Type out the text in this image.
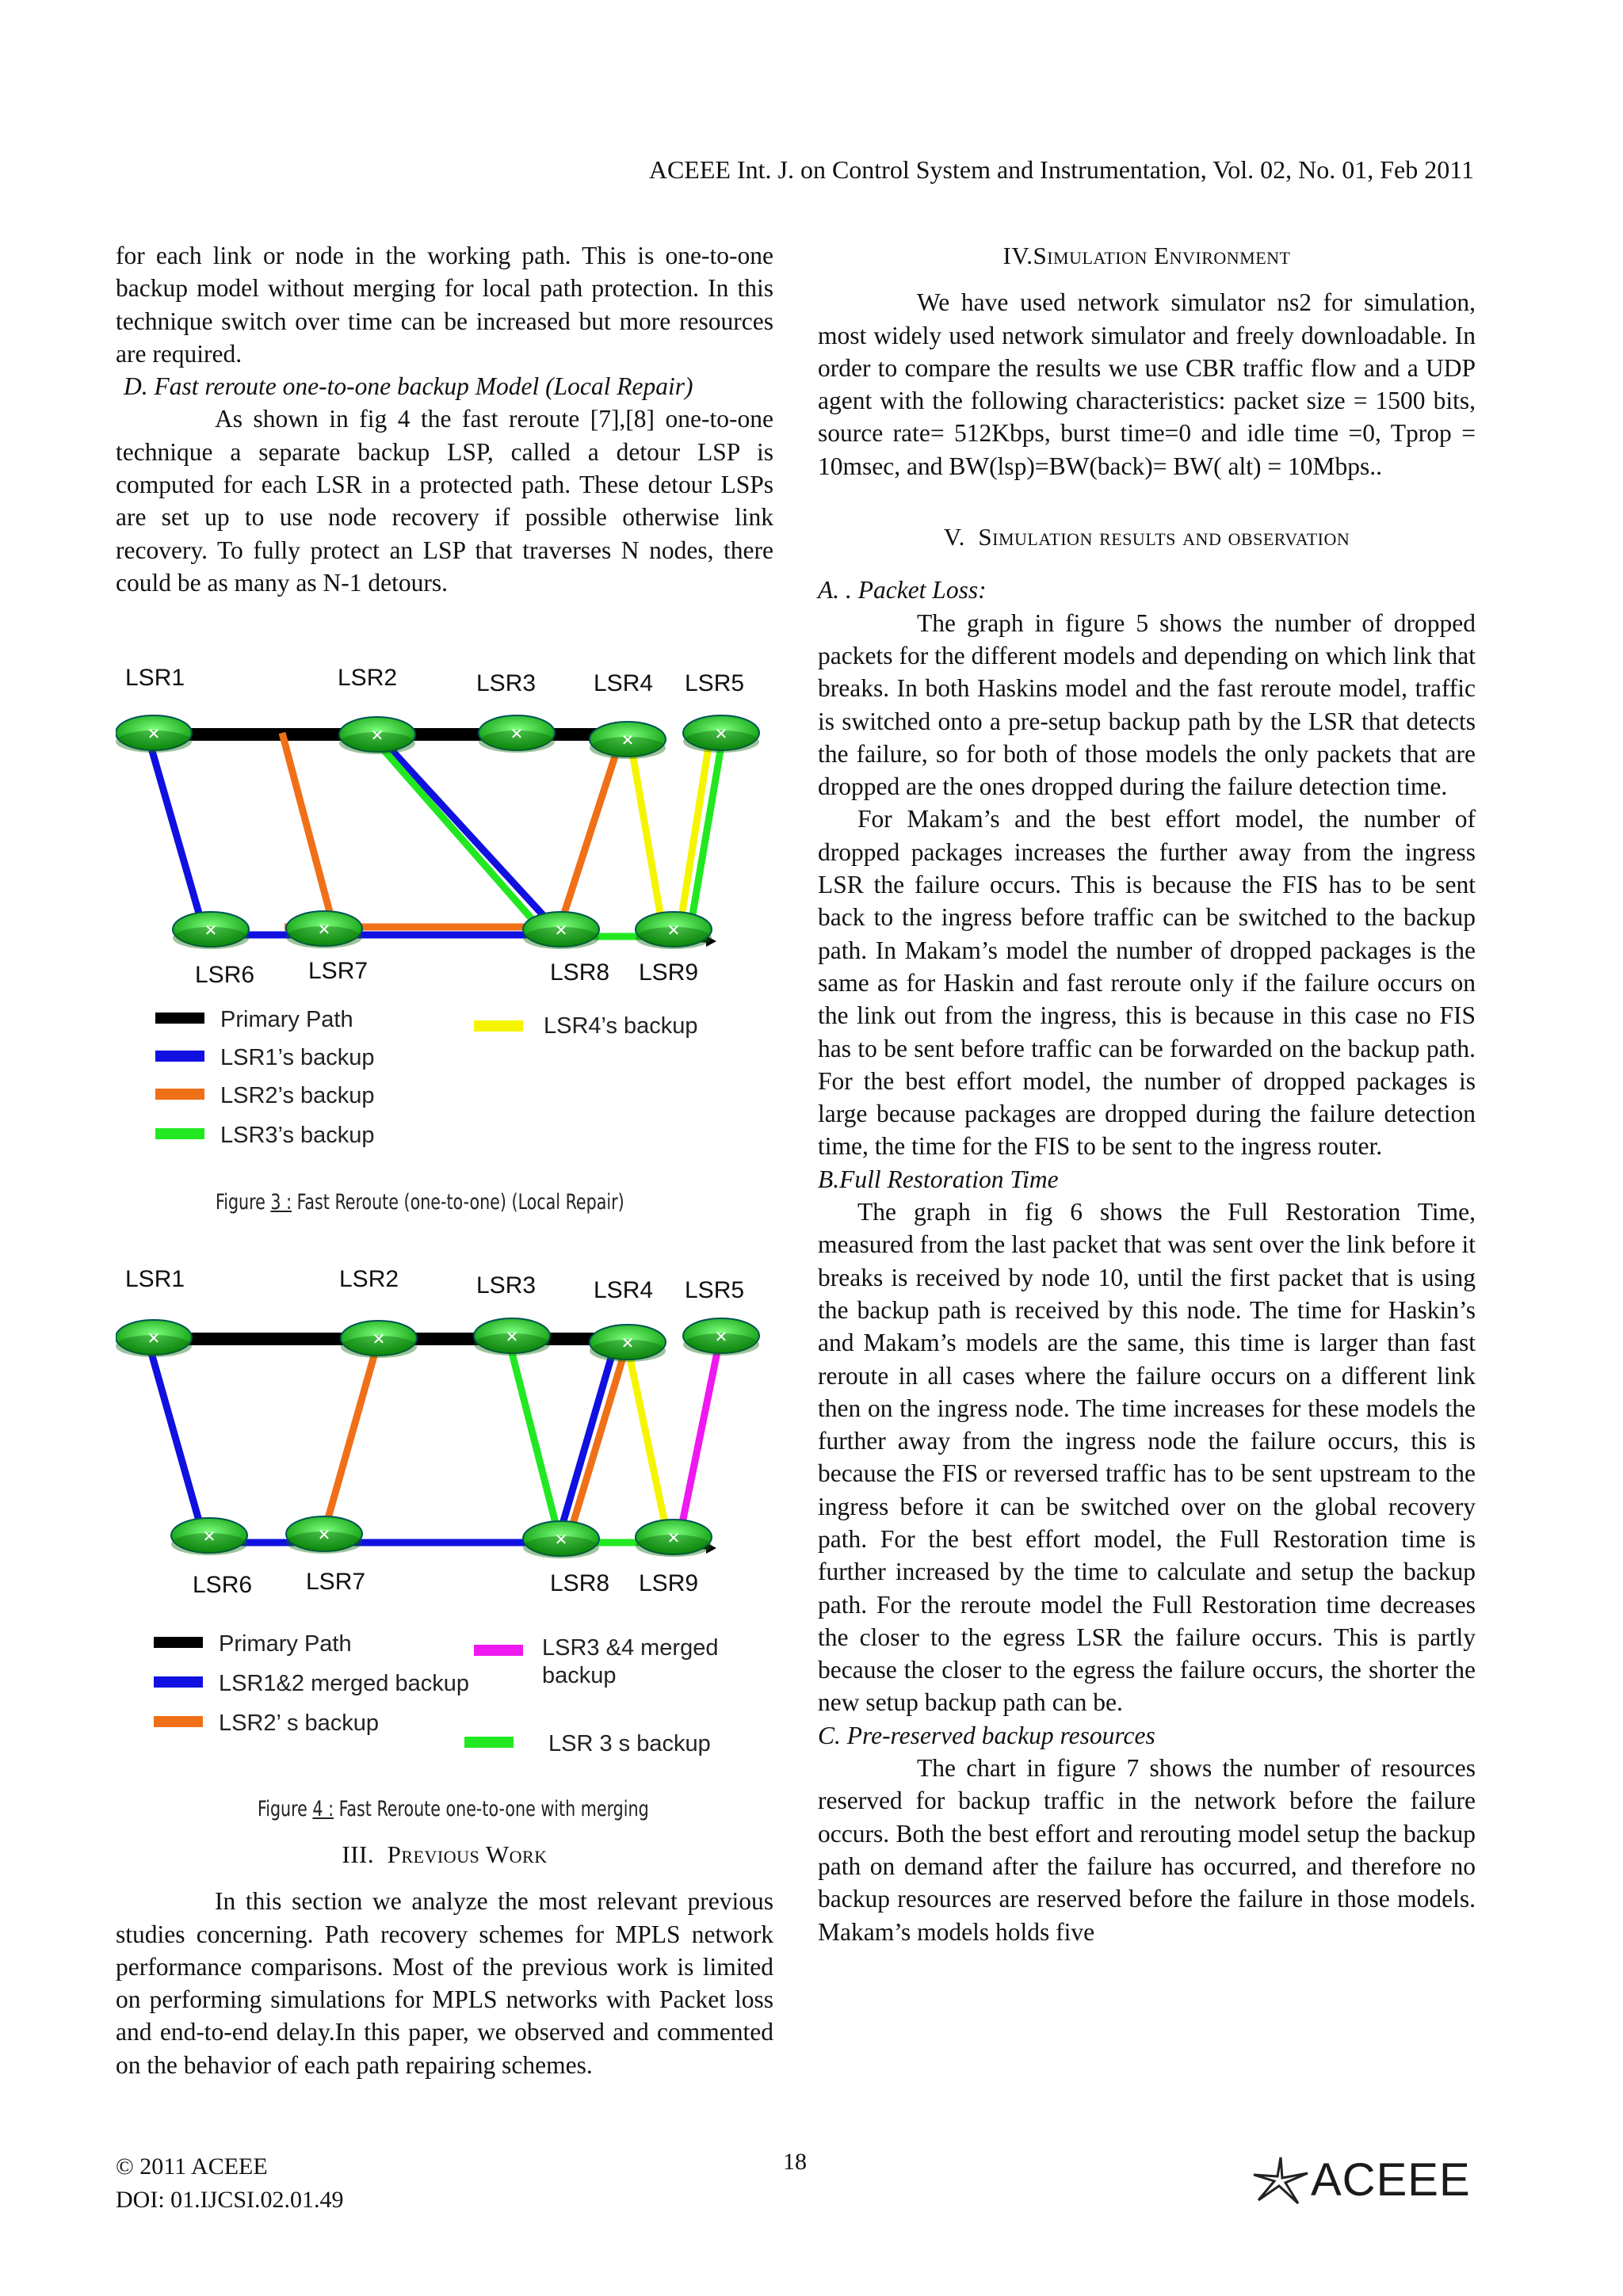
ACEEE Int. J. on Control System and Instrumentation, Vol. 02, No. 01, Feb 2011

for each link or node in the working path. This is one-to-one backup model without merging for local path protection. In this technique switch over time can be increased but more resources are required.

D. Fast reroute one-to-one backup Model (Local Repair)

As shown in fig 4 the fast reroute [7],[8] one-to-one technique a separate backup LSP, called a detour LSP is computed for each LSR in a protected path. These detour LSPs are set up to use node recovery if possible otherwise link recovery. To fully protect an LSP that traverses N nodes, there could be as many as N-1 detours.

✕	✕	✕	✕	✕
✕	✕	✕	✕
LSR1	LSR2	LSR3 LSR4 LSR5
LSR6 LSR7	LSR8 LSR9
Primary Path
LSR1’s backup
LSR2’s backup
LSR3’s backup
LSR4’s backup
Figure 3 : Fast Reroute (one-to-one) (Local Repair)
✕	✕	✕	✕	✕
✕	✕	✕	✕
LSR1	LSR2	LSR3 LSR4 LSR5
LSR6 LSR7	LSR8 LSR9
Primary Path
LSR1&2 merged backup
LSR2’ s backup
LSR3 &4 merged
backup
LSR 3 s backup
Figure 4 : Fast Reroute one-to-one with merging

III. Previous Work

In this section we analyze the most relevant previous studies concerning. Path recovery schemes for MPLS network performance comparisons. Most of the previous work is limited on performing simulations for MPLS networks with Packet loss and end-to-end delay.In this paper, we observed and commented on the behavior of each path repairing schemes.

IV.Simulation Environment

We have used network simulator ns2 for simulation, most widely used network simulator and freely downloadable. In order to compare the results we use CBR traffic flow and a UDP agent with the following characteristics: packet size = 1500 bits, source rate= 512Kbps, burst time=0 and idle time =0, Tprop = 10msec, and BW(lsp)=BW(back)= BW( alt) = 10Mbps..

V. Simulation results and observation

A. . Packet Loss:

The graph in figure 5 shows the number of dropped packets for the different models and depending on which link that breaks. In both Haskins model and the fast reroute model, traffic is switched onto a pre-setup backup path by the LSR that detects the failure, so for both of those models the only packets that are dropped are the ones dropped during the failure detection time.

For Makam’s and the best effort model, the number of dropped packages increases the further away from the ingress LSR the failure occurs. This is because the FIS has to be sent back to the ingress before traffic can be switched to the backup path. In Makam’s model the number of dropped packages is the same as for Haskin and fast reroute only if the failure occurs on the link out from the ingress, this is because in this case no FIS has to be sent before traffic can be forwarded on the backup path. For the best effort model, the number of dropped packages is large because packages are dropped during the failure detection time, the time for the FIS to be sent to the ingress router.

B.Full Restoration Time

The graph in fig 6 shows the Full Restoration Time, measured from the last packet that was sent over the link before it breaks is received by node 10, until the first packet that is using the backup path is received by this node. The time for Haskin’s and Makam’s models are the same, this time is larger than fast reroute in all cases where the failure occurs on a different link then on the ingress node. The time increases for these models the further away from the ingress node the failure occurs, this is because the FIS or reversed traffic has to be sent upstream to the ingress before it can be switched over on the global recovery path. For the best effort model, the Full Restoration time is further increased by the time to calculate and setup the backup path. For the reroute model the Full Restoration time decreases the closer to the egress LSR the failure occurs. This is partly because the closer to the egress the failure occurs, the shorter the new setup backup path can be.

C. Pre-reserved backup resources

The chart in figure 7 shows the number of resources reserved for backup traffic in the network before the failure occurs. Both the best effort and rerouting model setup the backup path on demand after the failure has occurred, and therefore no backup resources are reserved before the failure in those models. Makam’s models holds five

© 2011 ACEEE
DOI: 01.IJCSI.02.01.49
18	ACEEE
